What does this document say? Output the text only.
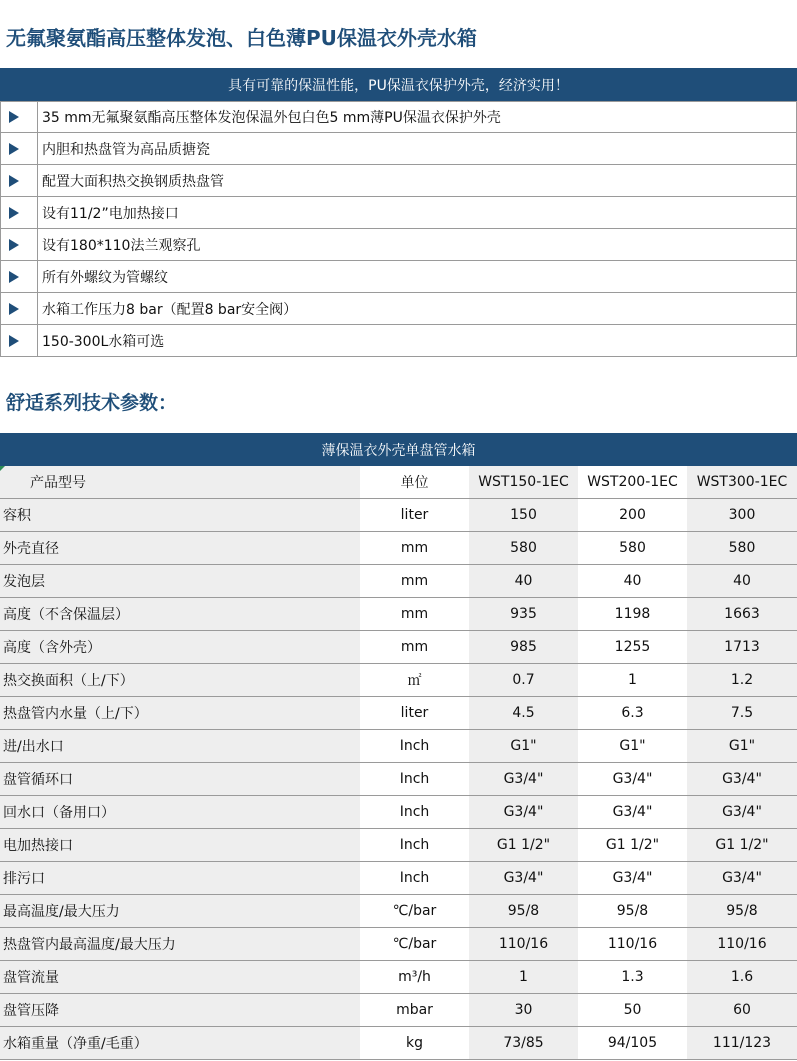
无氟聚氨酯高压整体发泡、白色薄PU保温衣外壳水箱
具有可靠的保温性能，PU保温衣保护外壳，经济实用！
35 mm无氟聚氨酯高压整体发泡保温外包白色5 mm薄PU保温衣保护外壳
内胆和热盘管为高品质搪瓷
配置大面积热交换钢质热盘管
设有11/2”电加热接口
设有180*110法兰观察孔
所有外螺纹为管螺纹
水箱工作压力8 bar（配置8 bar安全阀）
150-300L水箱可选
舒适系列技术参数：
薄保温衣外壳单盘管水箱
产品型号	单位	WST150-1EC	WST200-1EC	WST300-1EC
容积	liter	150	200	300
外壳直径	mm	580	580	580
发泡层	mm	40	40	40
高度（不含保温层）	mm	935	1198	1663
高度（含外壳）	mm	985	1255	1713
热交换面积（上/下）	㎡	0.7	1	1.2
热盘管内水量（上/下）	liter	4.5	6.3	7.5
进/出水口	Inch	G1"	G1"	G1"
盘管循环口	Inch	G3/4"	G3/4"	G3/4"
回水口（备用口）	Inch	G3/4"	G3/4"	G3/4"
电加热接口	Inch	G1 1/2"	G1 1/2"	G1 1/2"
排污口	Inch	G3/4"	G3/4"	G3/4"
最高温度/最大压力	℃/bar	95/8	95/8	95/8
热盘管内最高温度/最大压力	℃/bar	110/16	110/16	110/16
盘管流量	m³/h	1	1.3	1.6
盘管压降	mbar	30	50	60
水箱重量（净重/毛重）	kg	73/85	94/105	111/123
